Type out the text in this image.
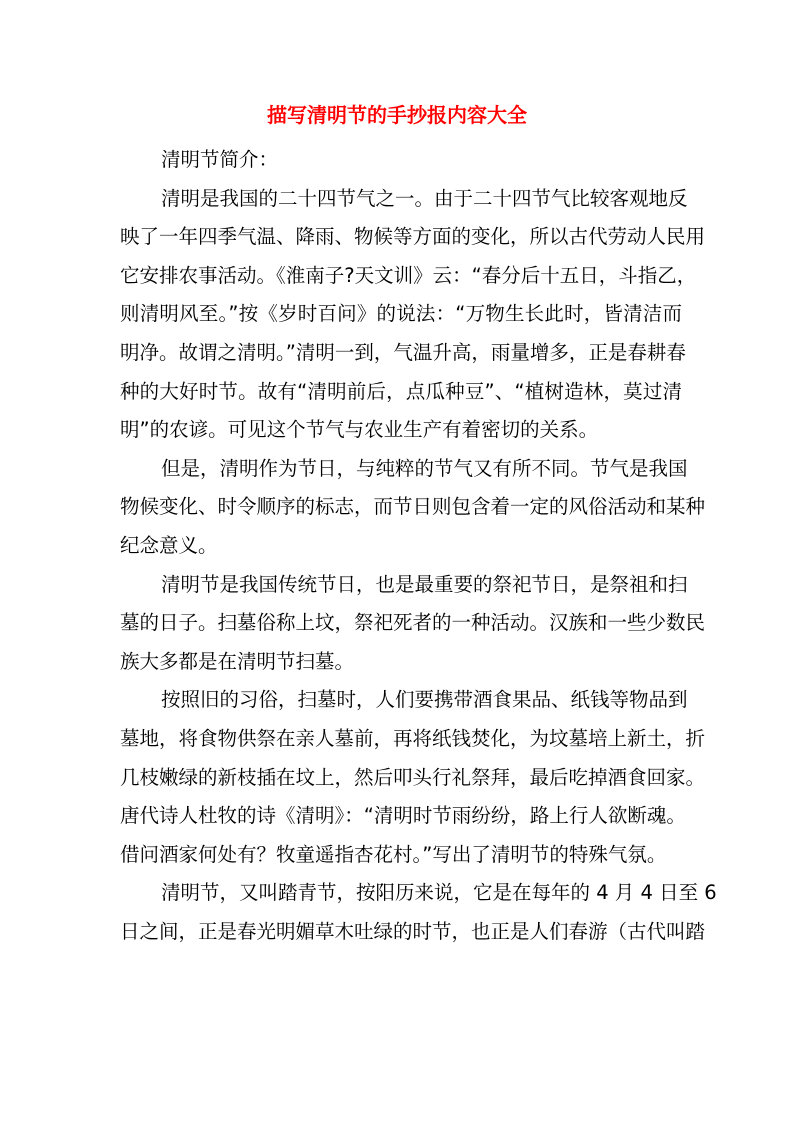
描写清明节的手抄报内容大全
清明节简介：
清明是我国的二十四节气之一。由于二十四节气比较客观地反
映了一年四季气温、降雨、物候等方面的变化，所以古代劳动人民用
它安排农事活动。《淮南子?天文训》云：“春分后十五日，斗指乙，
则清明风至。”按《岁时百问》的说法：“万物生长此时，皆清洁而
明净。故谓之清明。”清明一到，气温升高，雨量增多，正是春耕春
种的大好时节。故有“清明前后，点瓜种豆”、“植树造林，莫过清
明”的农谚。可见这个节气与农业生产有着密切的关系。
但是，清明作为节日，与纯粹的节气又有所不同。节气是我国
物候变化、时令顺序的标志，而节日则包含着一定的风俗活动和某种
纪念意义。
清明节是我国传统节日，也是最重要的祭祀节日，是祭祖和扫
墓的日子。扫墓俗称上坟，祭祀死者的一种活动。汉族和一些少数民
族大多都是在清明节扫墓。
按照旧的习俗，扫墓时，人们要携带酒食果品、纸钱等物品到
墓地，将食物供祭在亲人墓前，再将纸钱焚化，为坟墓培上新土，折
几枝嫩绿的新枝插在坟上，然后叩头行礼祭拜，最后吃掉酒食回家。
唐代诗人杜牧的诗《清明》：“清明时节雨纷纷，路上行人欲断魂。
借问酒家何处有？牧童遥指杏花村。”写出了清明节的特殊气氛。
清明节，又叫踏青节，按阳历来说，它是在每年的 4 月 4 日至 6
日之间，正是春光明媚草木吐绿的时节，也正是人们春游（古代叫踏
